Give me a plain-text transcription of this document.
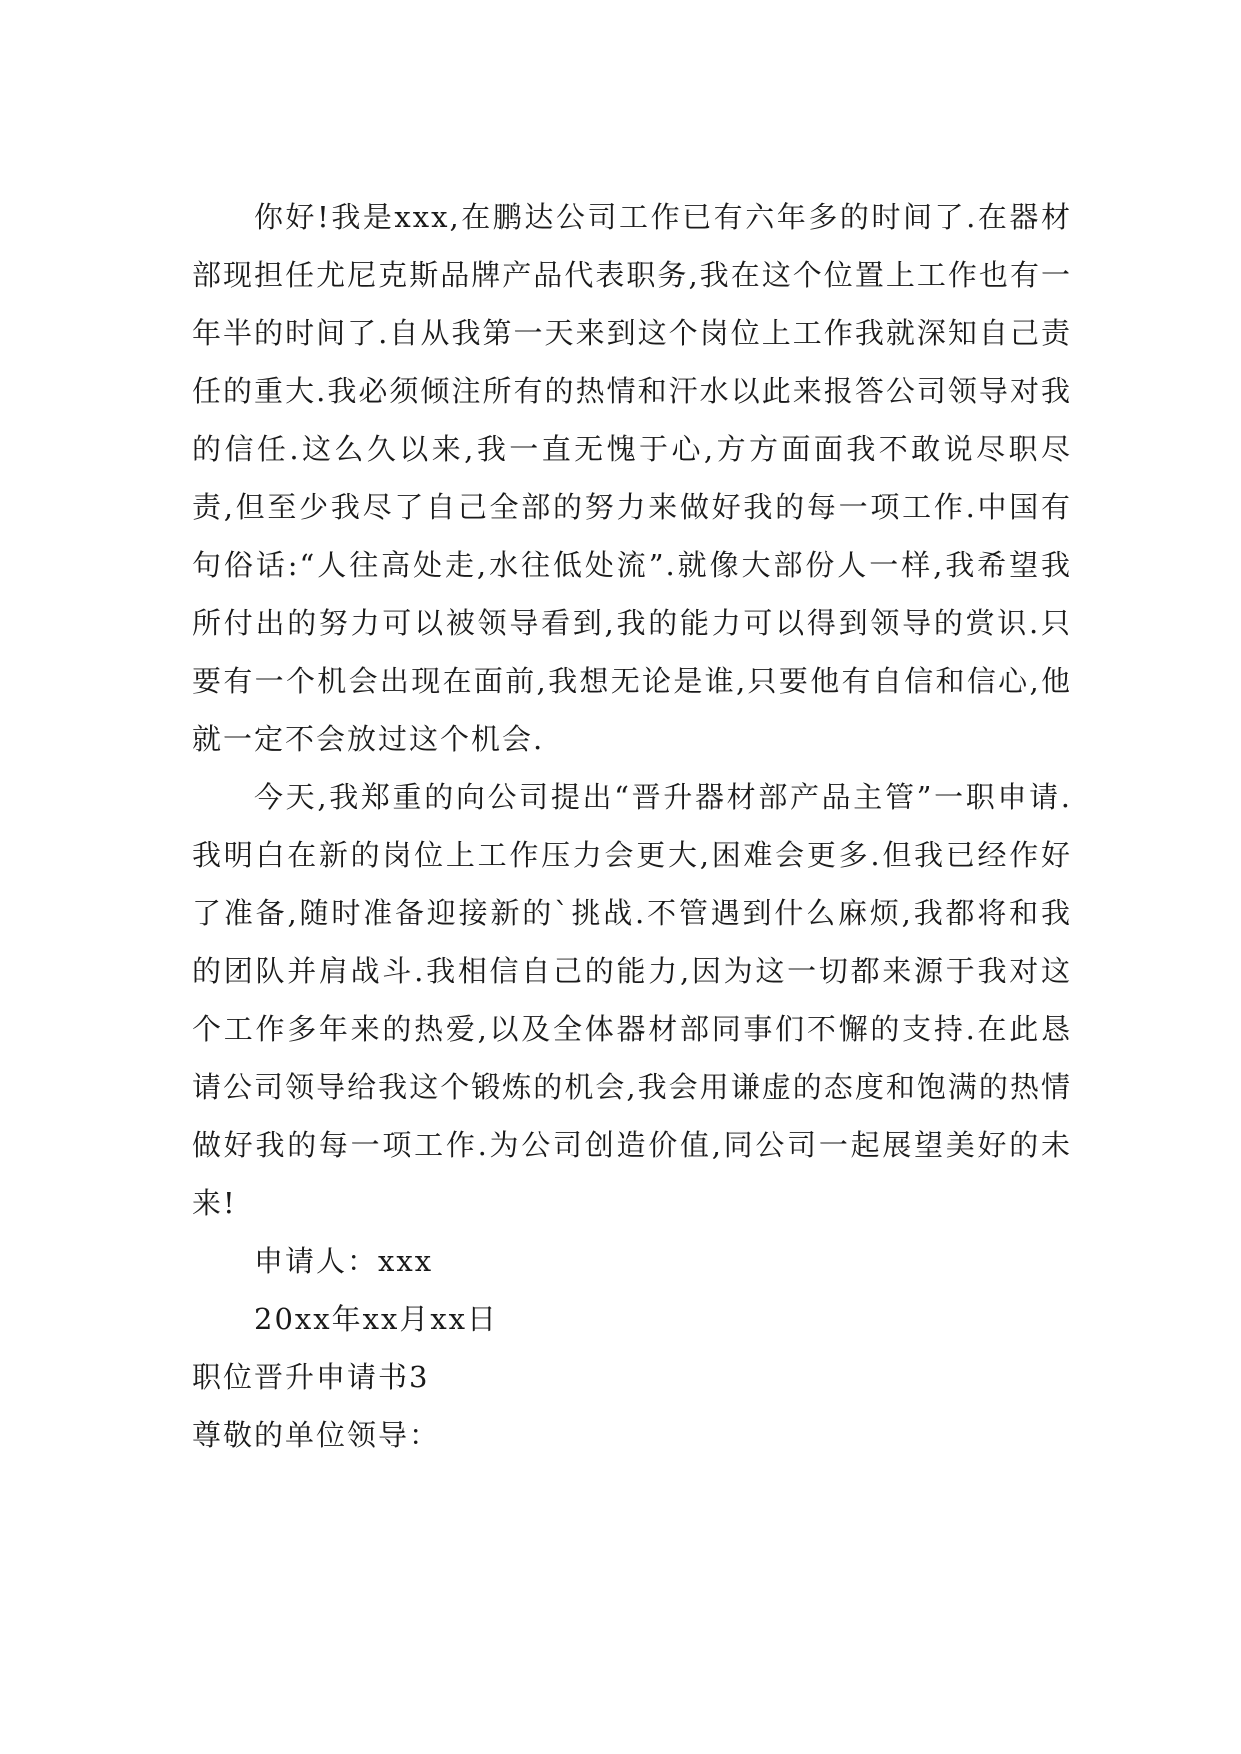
你好!我是xxx,在鹏达公司工作已有六年多的时间了.在器材部现担任尤尼克斯品牌产品代表职务,我在这个位置上工作也有一年半的时间了.自从我第一天来到这个岗位上工作我就深知自己责任的重大.我必须倾注所有的热情和汗水以此来报答公司领导对我的信任.这么久以来,我一直无愧于心,方方面面我不敢说尽职尽责,但至少我尽了自己全部的努力来做好我的每一项工作.中国有句俗话:“人往高处走,水往低处流”.就像大部份人一样,我希望我所付出的努力可以被领导看到,我的能力可以得到领导的赏识.只要有一个机会出现在面前,我想无论是谁,只要他有自信和信心,他就一定不会放过这个机会.

今天,我郑重的向公司提出“晋升器材部产品主管”一职申请.我明白在新的岗位上工作压力会更大,困难会更多.但我已经作好了准备,随时准备迎接新的`挑战.不管遇到什么麻烦,我都将和我的团队并肩战斗.我相信自己的能力,因为这一切都来源于我对这个工作多年来的热爱,以及全体器材部同事们不懈的支持.在此恳请公司领导给我这个锻炼的机会,我会用谦虚的态度和饱满的热情做好我的每一项工作.为公司创造价值,同公司一起展望美好的未来!

申请人：xxx

20xx年xx月xx日

职位晋升申请书3

尊敬的单位领导：
